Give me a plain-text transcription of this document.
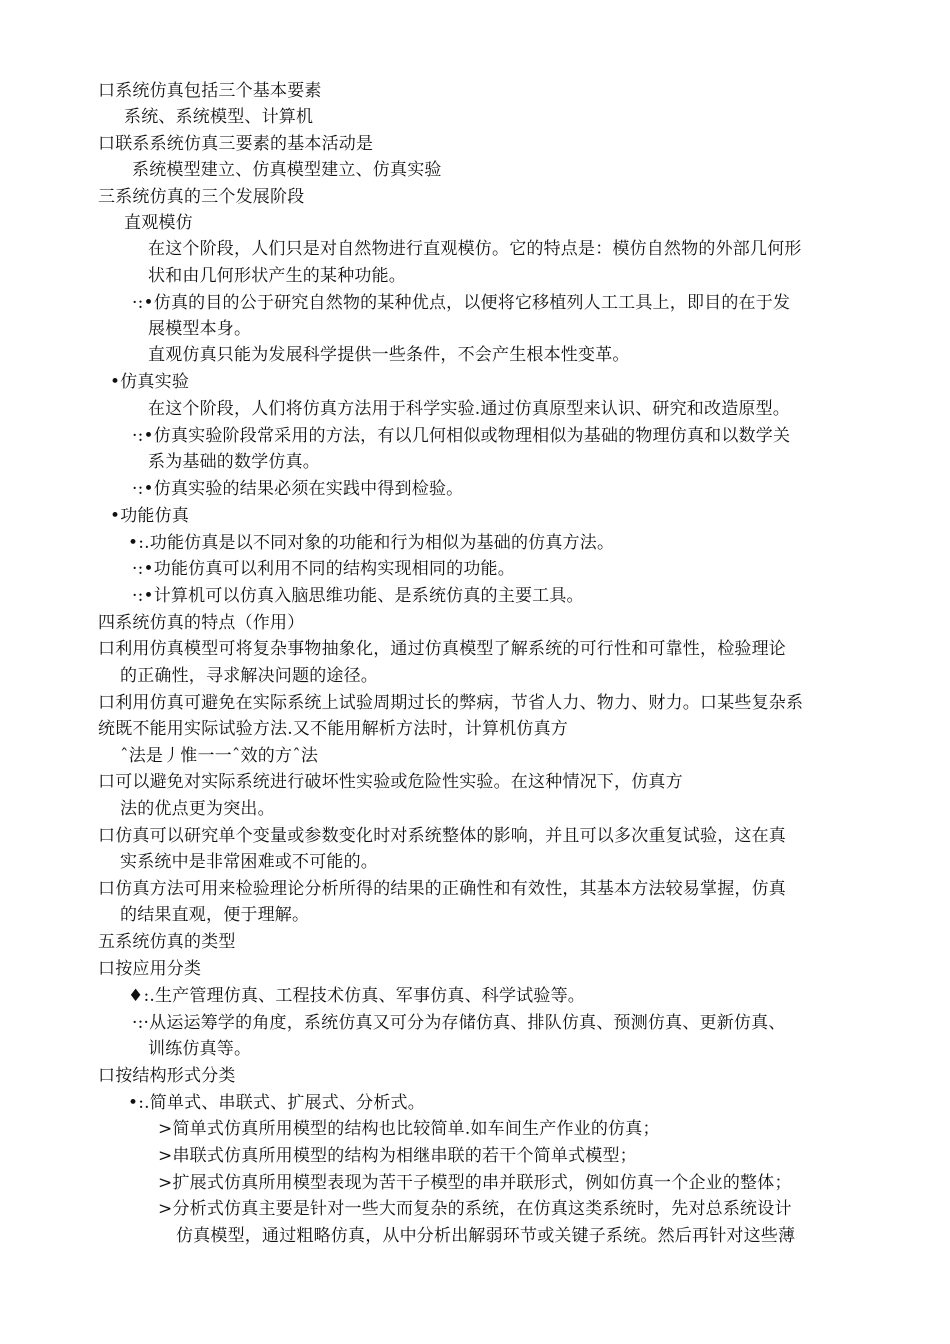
口系统仿真包括三个基本要素
系统、系统模型、计算机
口联系系统仿真三要素的基本活动是
系统模型建立、仿真模型建立、仿真实验
三系统仿真的三个发展阶段
直观模仿
在这个阶段，人们只是对自然物进行直观模仿。它的特点是：模仿自然物的外部几何形
状和由几何形状产生的某种功能。
·:•仿真的目的公于研究自然物的某种优点，以便将它移植列人工工具上，即目的在于发
展模型本身。
直观仿真只能为发展科学提供一些条件，不会产生根本性变革。
•仿真实验
在这个阶段，人们将仿真方法用于科学实验.通过仿真原型来认识、研究和改造原型。
·:•仿真实验阶段常采用的方法，有以几何相似或物理相似为基础的物理仿真和以数学关
系为基础的数学仿真。
·:•仿真实验的结果必须在实践中得到检验。
•功能仿真
•:.功能仿真是以不同对象的功能和行为相似为基础的仿真方法。
·:•功能仿真可以利用不同的结构实现相同的功能。
·:•计算机可以仿真入脑思维功能、是系统仿真的主要工具。
四系统仿真的特点（作用）
口利用仿真模型可将复杂事物抽象化，通过仿真模型了解系统的可行性和可靠性，检验理论
的正确性，寻求解决问题的途径。
口利用仿真可避免在实际系统上试验周期过长的弊病，节省人力、物力、财力。口某些复杂系
统既不能用实际试验方法.又不能用解析方法时，计算机仿真方
ˆ法是丿惟一一ˆ效的方ˆ法
口可以避免对实际系统进行破坏性实验或危险性实验。在这种情况下，仿真方
法的优点更为突出。
口仿真可以研究单个变量或参数变化时对系统整体的影响，并且可以多次重复试验，这在真
实系统中是非常困难或不可能的。
口仿真方法可用来检验理论分析所得的结果的正确性和有效性，其基本方法较易掌握，仿真
的结果直观，便于理解。
五系统仿真的类型
口按应用分类
♦:.生产管理仿真、工程技术仿真、军事仿真、科学试验等。
·:·从运运筹学的角度，系统仿真又可分为存储仿真、排队仿真、预测仿真、更新仿真、
训练仿真等。
口按结构形式分类
•:.简单式、串联式、扩展式、分析式。
>简单式仿真所用模型的结构也比较简单.如车间生产作业的仿真；
>串联式仿真所用模型的结构为相继串联的若干个简单式模型；
>扩展式仿真所用模型表现为苦干子模型的串并联形式，例如仿真一个企业的整体；
>分析式仿真主要是针对一些大而复杂的系统，在仿真这类系统时，先对总系统设计
仿真模型，通过粗略仿真，从中分析出解弱环节或关键子系统。然后再针对这些薄
